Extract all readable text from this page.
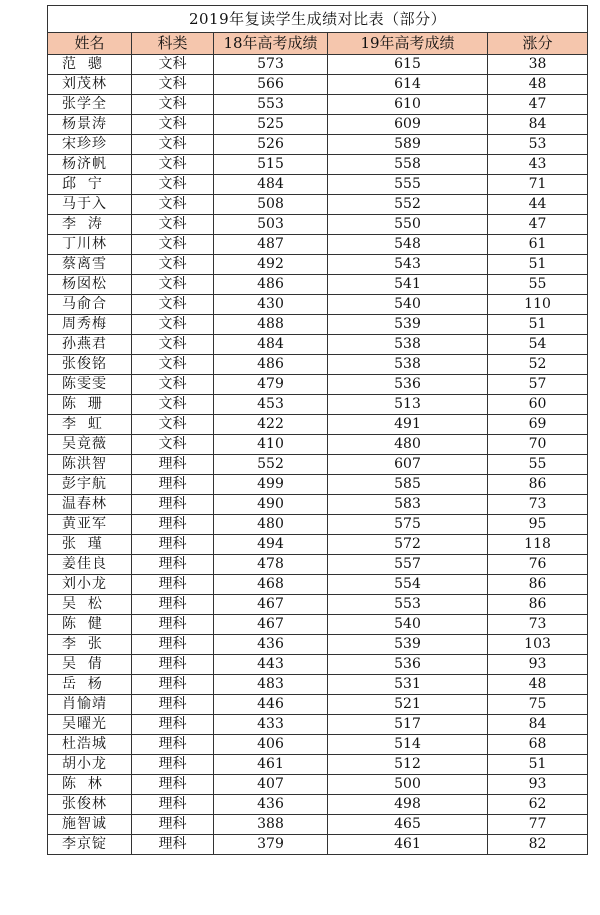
2019年复读学生成绩对比表（部分）				
姓名	科类	18年高考成绩	19年高考成绩	涨分
范  骢	文科	573	615	38
刘茂林	文科	566	614	48
张学全	文科	553	610	47
杨景涛	文科	525	609	84
宋珍珍	文科	526	589	53
杨济帆	文科	515	558	43
邱  宁	文科	484	555	71
马于入	文科	508	552	44
李  涛	文科	503	550	47
丁川林	文科	487	548	61
蔡离雪	文科	492	543	51
杨囡松	文科	486	541	55
马俞合	文科	430	540	110
周秀梅	文科	488	539	51
孙燕君	文科	484	538	54
张俊铭	文科	486	538	52
陈雯雯	文科	479	536	57
陈  珊	文科	453	513	60
李  虹	文科	422	491	69
吴竟薇	文科	410	480	70
陈洪智	理科	552	607	55
彭宇航	理科	499	585	86
温春林	理科	490	583	73
黄亚军	理科	480	575	95
张  瑾	理科	494	572	118
姜佳良	理科	478	557	76
刘小龙	理科	468	554	86
吴  松	理科	467	553	86
陈  健	理科	467	540	73
李  张	理科	436	539	103
吴  倩	理科	443	536	93
岳  杨	理科	483	531	48
肖愉靖	理科	446	521	75
吴曜光	理科	433	517	84
杜浩城	理科	406	514	68
胡小龙	理科	461	512	51
陈  林	理科	407	500	93
张俊林	理科	436	498	62
施智诚	理科	388	465	77
李京锭	理科	379	461	82
